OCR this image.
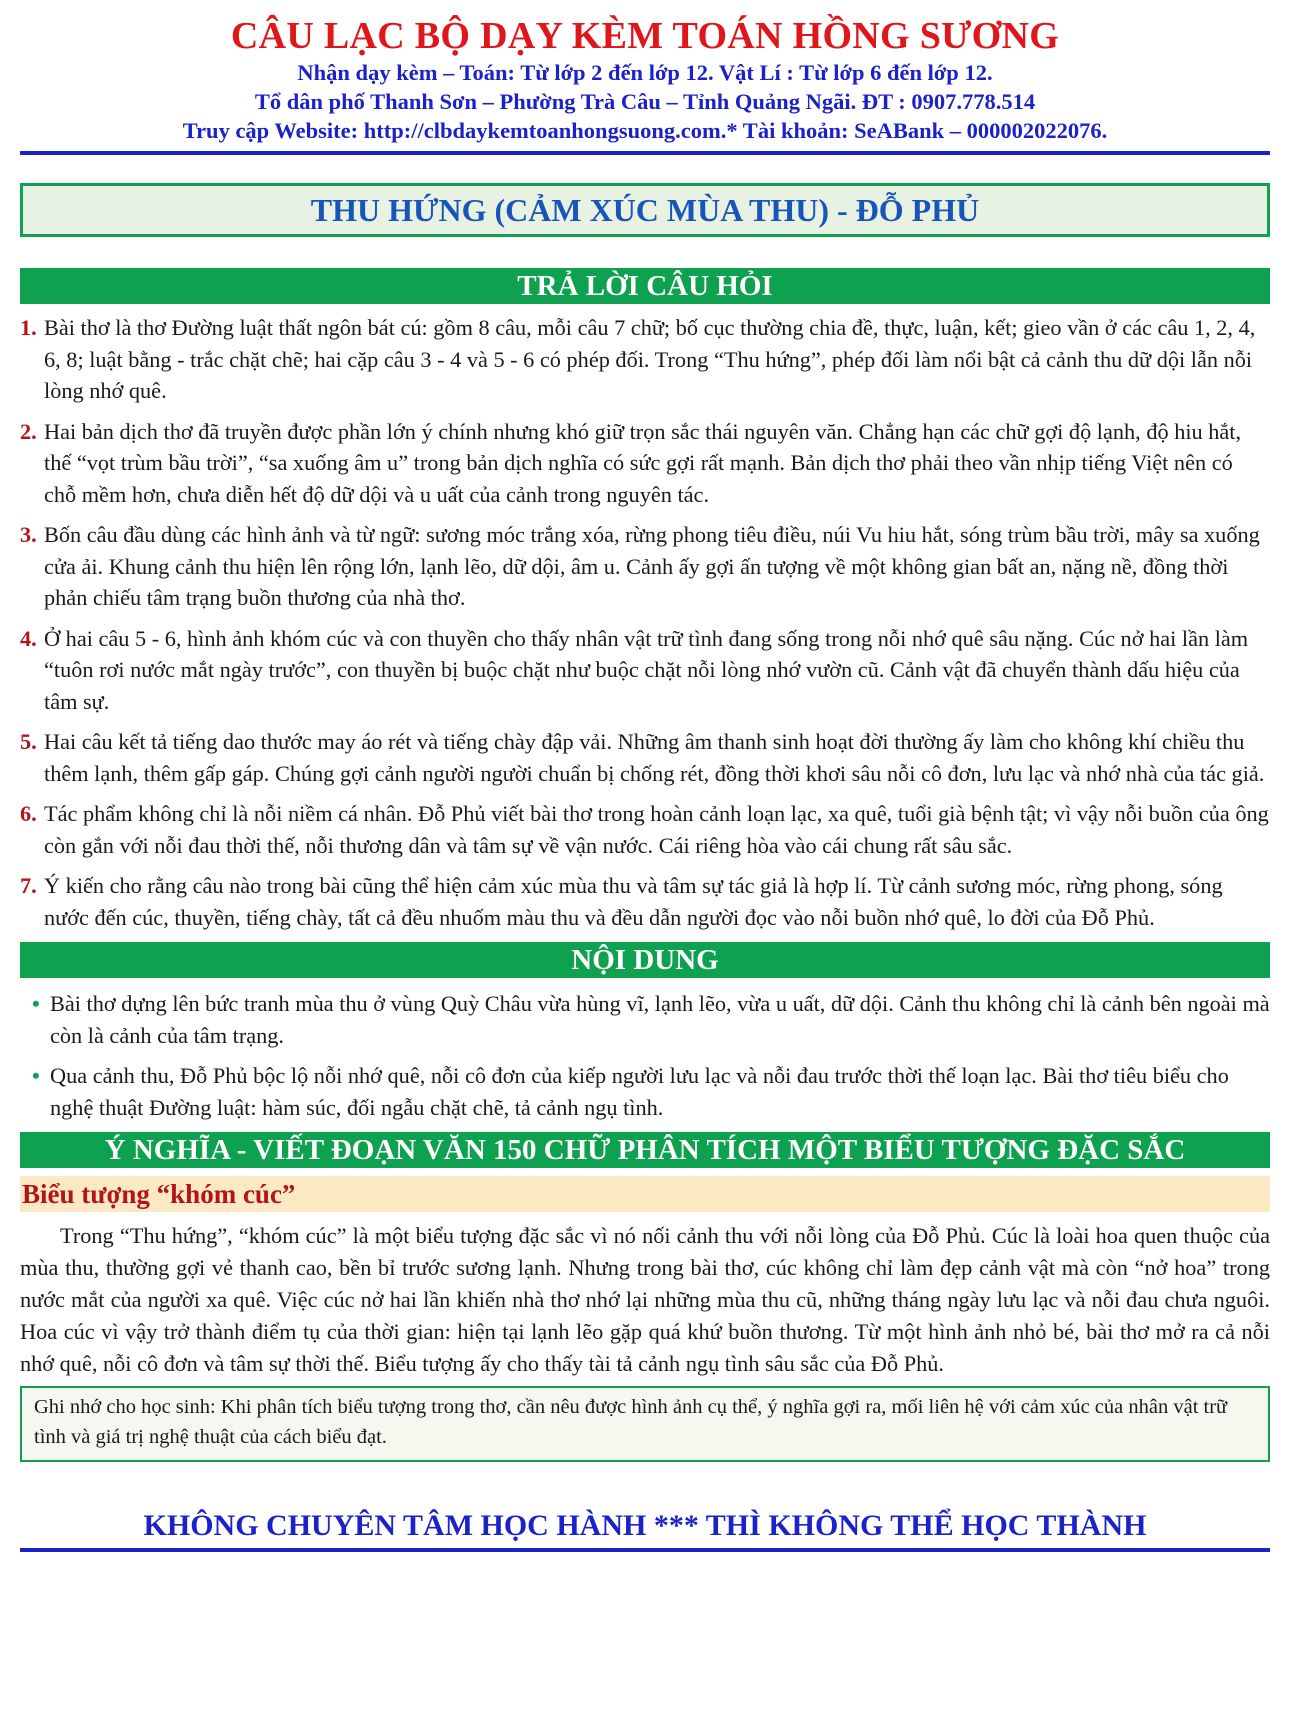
CÂU LẠC BỘ DẠY KÈM TOÁN HỒNG SƯƠNG
Nhận dạy kèm – Toán: Từ lớp 2 đến lớp 12. Vật Lí : Từ lớp 6 đến lớp 12.
Tổ dân phố Thanh Sơn – Phường Trà Câu – Tỉnh Quảng Ngãi. ĐT : 0907.778.514
Truy cập Website: http://clbdaykemtoanhongsuong.com.* Tài khoản: SeABank – 000002022076.
THU HỨNG (CẢM XÚC MÙA THU) - ĐỖ PHỦ
TRẢ LỜI CÂU HỎI
1. Bài thơ là thơ Đường luật thất ngôn bát cú: gồm 8 câu, mỗi câu 7 chữ; bố cục thường chia đề, thực, luận, kết; gieo vần ở các câu 1, 2, 4, 6, 8; luật bằng - trắc chặt chẽ; hai cặp câu 3 - 4 và 5 - 6 có phép đối. Trong “Thu hứng”, phép đối làm nổi bật cả cảnh thu dữ dội lẫn nỗi lòng nhớ quê.
2. Hai bản dịch thơ đã truyền được phần lớn ý chính nhưng khó giữ trọn sắc thái nguyên văn. Chẳng hạn các chữ gợi độ lạnh, độ hiu hắt, thế “vọt trùm bầu trời”, “sa xuống âm u” trong bản dịch nghĩa có sức gợi rất mạnh. Bản dịch thơ phải theo vần nhịp tiếng Việt nên có chỗ mềm hơn, chưa diễn hết độ dữ dội và u uất của cảnh trong nguyên tác.
3. Bốn câu đầu dùng các hình ảnh và từ ngữ: sương móc trắng xóa, rừng phong tiêu điều, núi Vu hiu hắt, sóng trùm bầu trời, mây sa xuống cửa ải. Khung cảnh thu hiện lên rộng lớn, lạnh lẽo, dữ dội, âm u. Cảnh ấy gợi ấn tượng về một không gian bất an, nặng nề, đồng thời phản chiếu tâm trạng buồn thương của nhà thơ.
4. Ở hai câu 5 - 6, hình ảnh khóm cúc và con thuyền cho thấy nhân vật trữ tình đang sống trong nỗi nhớ quê sâu nặng. Cúc nở hai lần làm “tuôn rơi nước mắt ngày trước”, con thuyền bị buộc chặt như buộc chặt nỗi lòng nhớ vườn cũ. Cảnh vật đã chuyển thành dấu hiệu của tâm sự.
5. Hai câu kết tả tiếng dao thước may áo rét và tiếng chày đập vải. Những âm thanh sinh hoạt đời thường ấy làm cho không khí chiều thu thêm lạnh, thêm gấp gáp. Chúng gợi cảnh người người chuẩn bị chống rét, đồng thời khơi sâu nỗi cô đơn, lưu lạc và nhớ nhà của tác giả.
6. Tác phẩm không chỉ là nỗi niềm cá nhân. Đỗ Phủ viết bài thơ trong hoàn cảnh loạn lạc, xa quê, tuổi già bệnh tật; vì vậy nỗi buồn của ông còn gắn với nỗi đau thời thế, nỗi thương dân và tâm sự về vận nước. Cái riêng hòa vào cái chung rất sâu sắc.
7. Ý kiến cho rằng câu nào trong bài cũng thể hiện cảm xúc mùa thu và tâm sự tác giả là hợp lí. Từ cảnh sương móc, rừng phong, sóng nước đến cúc, thuyền, tiếng chày, tất cả đều nhuốm màu thu và đều dẫn người đọc vào nỗi buồn nhớ quê, lo đời của Đỗ Phủ.
NỘI DUNG
• Bài thơ dựng lên bức tranh mùa thu ở vùng Quỳ Châu vừa hùng vĩ, lạnh lẽo, vừa u uất, dữ dội. Cảnh thu không chỉ là cảnh bên ngoài mà còn là cảnh của tâm trạng.
• Qua cảnh thu, Đỗ Phủ bộc lộ nỗi nhớ quê, nỗi cô đơn của kiếp người lưu lạc và nỗi đau trước thời thế loạn lạc. Bài thơ tiêu biểu cho nghệ thuật Đường luật: hàm súc, đối ngẫu chặt chẽ, tả cảnh ngụ tình.
Ý NGHĨA - VIẾT ĐOẠN VĂN 150 CHỮ PHÂN TÍCH MỘT BIỂU TƯỢNG ĐẶC SẮC
Biểu tượng “khóm cúc”

Trong “Thu hứng”, “khóm cúc” là một biểu tượng đặc sắc vì nó nối cảnh thu với nỗi lòng của Đỗ Phủ. Cúc là loài hoa quen thuộc của mùa thu, thường gợi vẻ thanh cao, bền bỉ trước sương lạnh. Nhưng trong bài thơ, cúc không chỉ làm đẹp cảnh vật mà còn “nở hoa” trong nước mắt của người xa quê. Việc cúc nở hai lần khiến nhà thơ nhớ lại những mùa thu cũ, những tháng ngày lưu lạc và nỗi đau chưa nguôi. Hoa cúc vì vậy trở thành điểm tụ của thời gian: hiện tại lạnh lẽo gặp quá khứ buồn thương. Từ một hình ảnh nhỏ bé, bài thơ mở ra cả nỗi nhớ quê, nỗi cô đơn và tâm sự thời thế. Biểu tượng ấy cho thấy tài tả cảnh ngụ tình sâu sắc của Đỗ Phủ.

Ghi nhớ cho học sinh: Khi phân tích biểu tượng trong thơ, cần nêu được hình ảnh cụ thể, ý nghĩa gợi ra, mối liên hệ với cảm xúc của nhân vật trữ tình và giá trị nghệ thuật của cách biểu đạt.
KHÔNG CHUYÊN TÂM HỌC HÀNH *** THÌ KHÔNG THỂ HỌC THÀNH
